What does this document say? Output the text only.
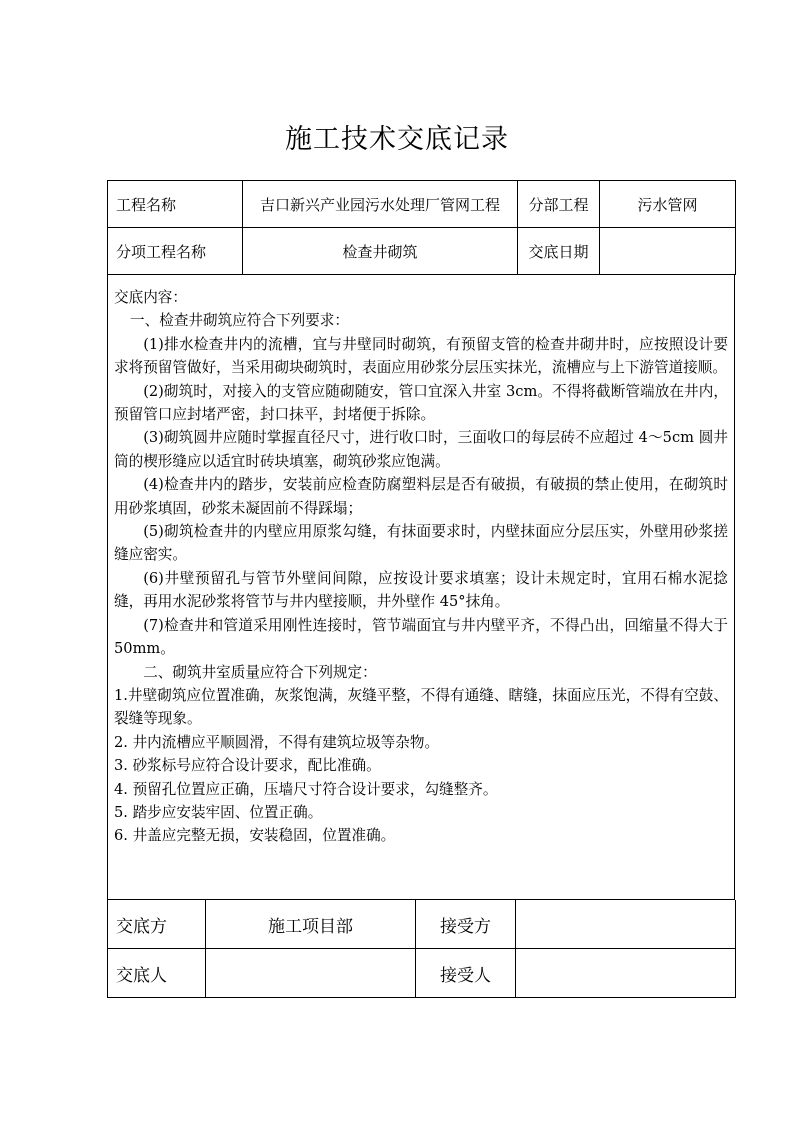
施工技术交底记录
工程名称	吉口新兴产业园污水处理厂管网工程	分部工程	污水管网
分项工程名称	检查井砌筑	交底日期	

交底内容：

一、检查井砌筑应符合下列要求：

(1)排水检查井内的流槽，宜与井壁同时砌筑，有预留支管的检查井砌井时，应按照设计要求将预留管做好，当采用砌块砌筑时，表面应用砂浆分层压实抹光，流槽应与上下游管道接顺。

(2)砌筑时，对接入的支管应随砌随安，管口宜深入井室 3cm。不得将截断管端放在井内，预留管口应封堵严密，封口抹平，封堵便于拆除。

(3)砌筑圆井应随时掌握直径尺寸，进行收口时，三面收口的每层砖不应超过 4～5cm 圆井筒的楔形缝应以适宜时砖块填塞，砌筑砂浆应饱满。

(4)检查井内的踏步，安装前应检查防腐塑料层是否有破损，有破损的禁止使用，在砌筑时用砂浆填固，砂浆未凝固前不得踩塌；

(5)砌筑检查井的内壁应用原浆勾缝，有抹面要求时，内壁抹面应分层压实，外壁用砂浆搓缝应密实。

(6)井壁预留孔与管节外壁间间隙，应按设计要求填塞；设计未规定时，宜用石棉水泥捻缝，再用水泥砂浆将管节与井内壁接顺，井外壁作 45°抹角。

(7)检查井和管道采用刚性连接时，管节端面宜与井内壁平齐，不得凸出，回缩量不得大于 50mm。

二、砌筑井室质量应符合下列规定：

1.井壁砌筑应位置准确，灰浆饱满，灰缝平整，不得有通缝、瞎缝，抹面应压光，不得有空鼓、裂缝等现象。

2. 井内流槽应平顺圆滑，不得有建筑垃圾等杂物。

3. 砂浆标号应符合设计要求，配比准确。

4. 预留孔位置应正确，压墙尺寸符合设计要求，勾缝整齐。

5. 踏步应安装牢固、位置正确。

6. 井盖应完整无损，安装稳固，位置准确。

交底方	施工项目部	接受方	
交底人		接受人	
